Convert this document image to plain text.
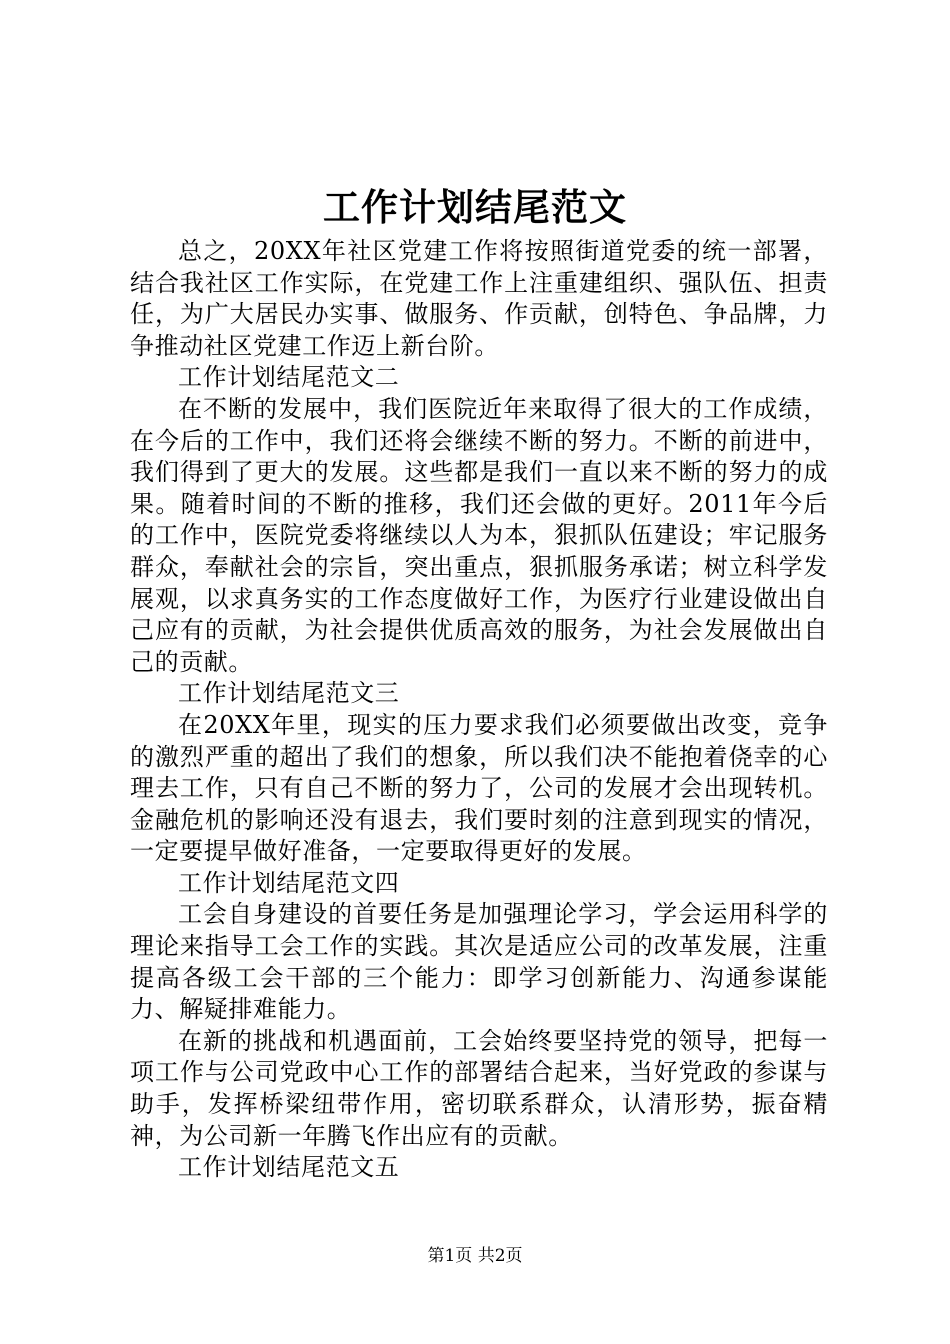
工作计划结尾范文

总之，20XX年社区党建工作将按照街道党委的统一部署，结合我社区工作实际，在党建工作上注重建组织、强队伍、担责任，为广大居民办实事、做服务、作贡献，创特色、争品牌，力争推动社区党建工作迈上新台阶。

工作计划结尾范文二

在不断的发展中，我们医院近年来取得了很大的工作成绩，在今后的工作中，我们还将会继续不断的努力。不断的前进中，我们得到了更大的发展。这些都是我们一直以来不断的努力的成果。随着时间的不断的推移，我们还会做的更好。2011年今后的工作中，医院党委将继续以人为本，狠抓队伍建设；牢记服务群众，奉献社会的宗旨，突出重点，狠抓服务承诺；树立科学发展观，以求真务实的工作态度做好工作，为医疗行业建设做出自己应有的贡献，为社会提供优质高效的服务，为社会发展做出自己的贡献。

工作计划结尾范文三

在20XX年里，现实的压力要求我们必须要做出改变，竞争的激烈严重的超出了我们的想象，所以我们决不能抱着侥幸的心理去工作，只有自己不断的努力了，公司的发展才会出现转机。金融危机的影响还没有退去，我们要时刻的注意到现实的情况，一定要提早做好准备，一定要取得更好的发展。

工作计划结尾范文四

工会自身建设的首要任务是加强理论学习，学会运用科学的理论来指导工会工作的实践。其次是适应公司的改革发展，注重提高各级工会干部的三个能力：即学习创新能力、沟通参谋能力、解疑排难能力。

在新的挑战和机遇面前，工会始终要坚持党的领导，把每一项工作与公司党政中心工作的部署结合起来，当好党政的参谋与助手，发挥桥梁纽带作用，密切联系群众，认清形势，振奋精神，为公司新一年腾飞作出应有的贡献。

工作计划结尾范文五

第1页 共2页
